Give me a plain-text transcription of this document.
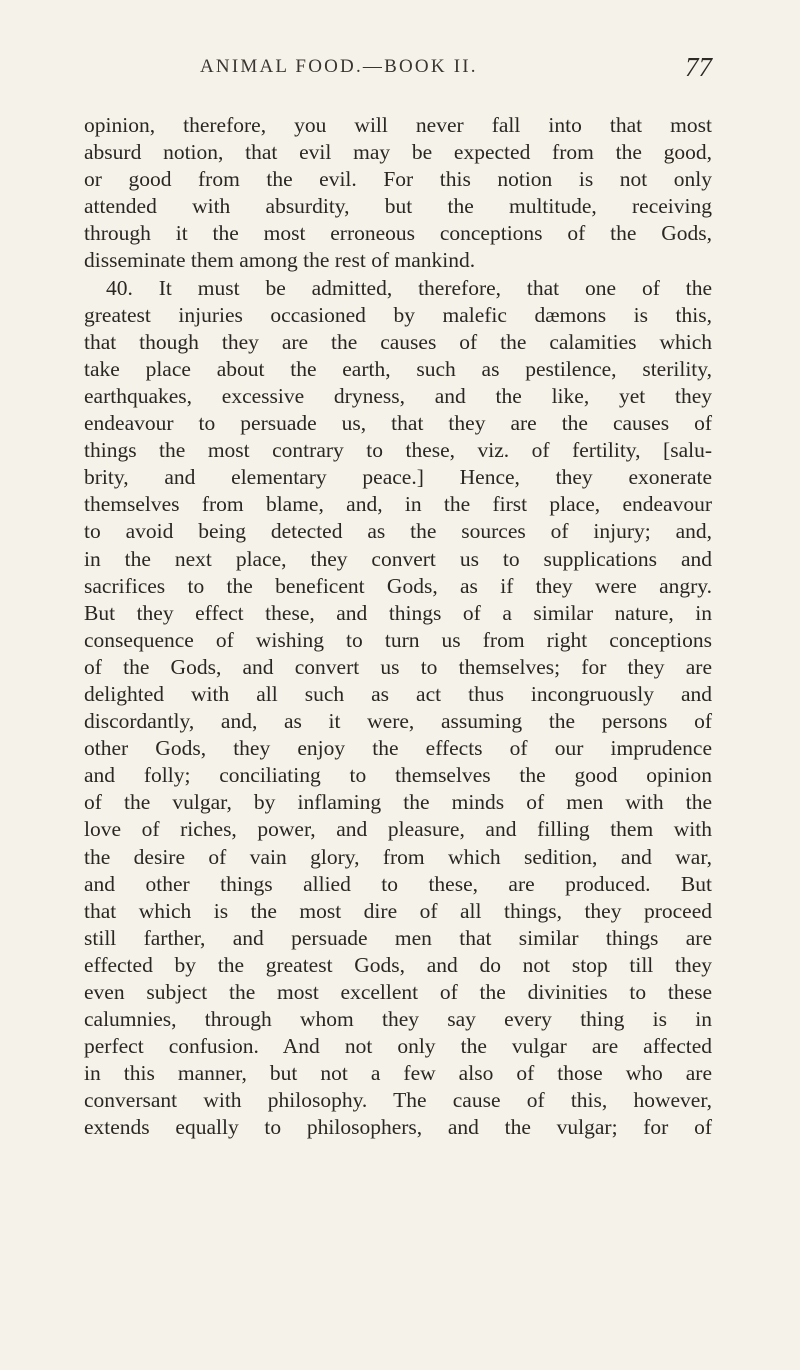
ANIMAL FOOD.—BOOK II.	77
opinion, therefore, you will never fall into that most
absurd notion, that evil may be expected from the good,
or good from the evil. For this notion is not only
attended with absurdity, but the multitude, receiving
through it the most erroneous conceptions of the Gods,
disseminate them among the rest of mankind.
40. It must be admitted, therefore, that one of the
greatest injuries occasioned by malefic dæmons is this,
that though they are the causes of the calamities which
take place about the earth, such as pestilence, sterility,
earthquakes, excessive dryness, and the like, yet they
endeavour to persuade us, that they are the causes of
things the most contrary to these, viz. of fertility, [salu-
brity, and elementary peace.] Hence, they exonerate
themselves from blame, and, in the first place, endeavour
to avoid being detected as the sources of injury; and,
in the next place, they convert us to supplications and
sacrifices to the beneficent Gods, as if they were angry.
But they effect these, and things of a similar nature, in
consequence of wishing to turn us from right conceptions
of the Gods, and convert us to themselves; for they are
delighted with all such as act thus incongruously and
discordantly, and, as it were, assuming the persons of
other Gods, they enjoy the effects of our imprudence
and folly; conciliating to themselves the good opinion
of the vulgar, by inflaming the minds of men with the
love of riches, power, and pleasure, and filling them with
the desire of vain glory, from which sedition, and war,
and other things allied to these, are produced. But
that which is the most dire of all things, they proceed
still farther, and persuade men that similar things are
effected by the greatest Gods, and do not stop till they
even subject the most excellent of the divinities to these
calumnies, through whom they say every thing is in
perfect confusion. And not only the vulgar are affected
in this manner, but not a few also of those who are
conversant with philosophy. The cause of this, however,
extends equally to philosophers, and the vulgar; for of
